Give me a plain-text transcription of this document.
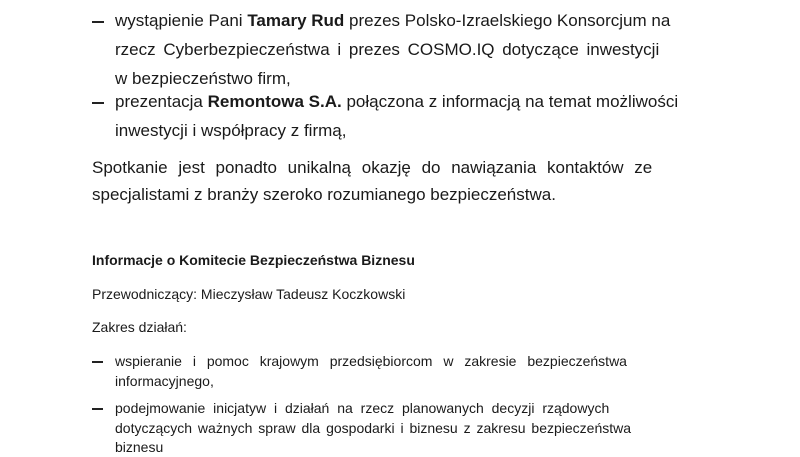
wystąpienie Pani Tamary Rud prezes Polsko-Izraelskiego Konsorcjum na
rzecz Cyberbezpieczeństwa i prezes COSMO.IQ dotyczące inwestycji
w bezpieczeństwo firm,
prezentacja Remontowa S.A. połączona z informacją na temat możliwości
inwestycji i współpracy z firmą,
Spotkanie jest ponadto unikalną okazję do nawiązania kontaktów ze
specjalistami z branży szeroko rozumianego bezpieczeństwa.
Informacje o Komitecie Bezpieczeństwa Biznesu
Przewodniczący: Mieczysław Tadeusz Koczkowski
Zakres działań:
wspieranie i pomoc krajowym przedsiębiorcom w zakresie bezpieczeństwa
informacyjnego,
podejmowanie inicjatyw i działań na rzecz planowanych decyzji rządowych
dotyczących ważnych spraw dla gospodarki i biznesu z zakresu bezpieczeństwa
biznesu
